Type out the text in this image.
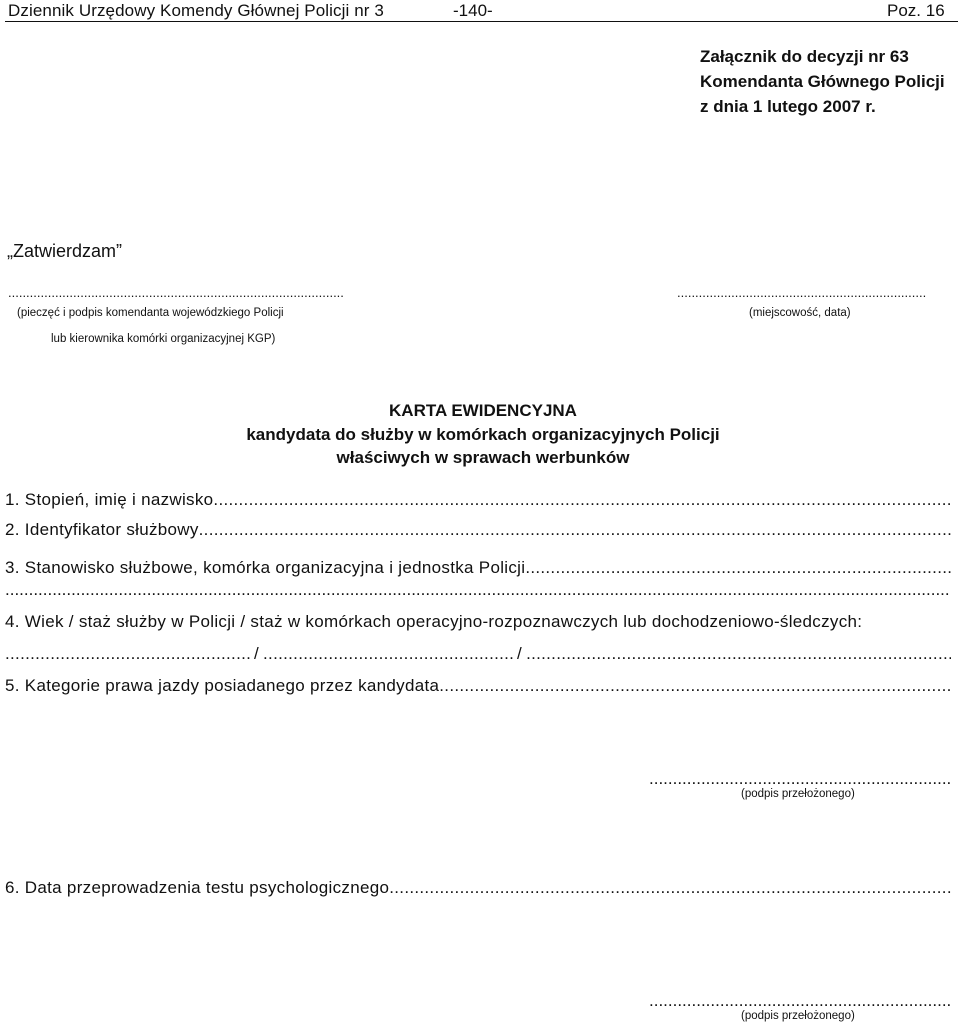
Dziennik Urzędowy Komendy Głównej Policji nr 3	-140-	Poz. 16
Załącznik do decyzji nr 63
Komendanta Głównego Policji
z dnia 1 lutego 2007 r.
„Zatwierdzam”
.....
(pieczęć i podpis komendanta wojewódzkiego Policji
lub kierownika komórki organizacyjnej KGP)
.....
(miejscowość, data)
KARTA EWIDENCYJNA
kandydata do służby w komórkach organizacyjnych Policji
właściwych w sprawach werbunków
1. Stopień, imię i nazwisko
.....
2. Identyfikator służbowy
.....
3. Stanowisko służbowe, komórka organizacyjna i jednostka Policji
.....
.....
4. Wiek / staż służby w Policji / staż w komórkach operacyjno-rozpoznawczych lub dochodzeniowo-śledczych:
.....
/
.....	/
.....
5. Kategorie prawa jazdy posiadanego przez kandydata
.....
.....
(podpis przełożonego)
6. Data przeprowadzenia testu psychologicznego
.....
.....
(podpis przełożonego)
